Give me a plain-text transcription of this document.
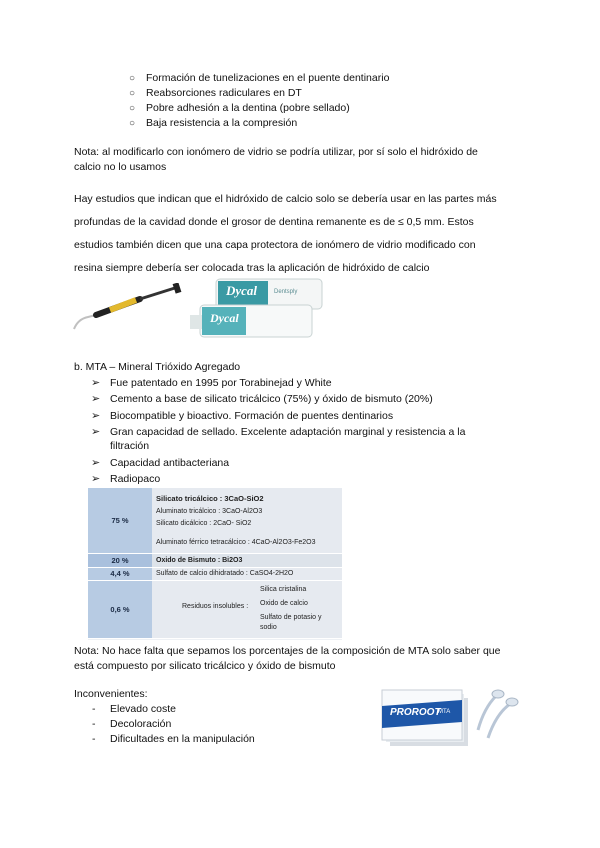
○ Formación de tunelizaciones en el puente dentinario
○ Reabsorciones radiculares en DT
○ Pobre adhesión a la dentina (pobre sellado)
○ Baja resistencia a la compresión
Nota: al modificarlo con ionómero de vidrio se podría utilizar, por sí solo el hidróxido de
calcio no lo usamos
Hay estudios que indican que el hidróxido de calcio solo se debería usar en las partes más
profundas de la cavidad donde el grosor de dentina remanente es de ≤ 0,5 mm. Estos
estudios también dicen que una capa protectora de ionómero de vidrio modificado con
resina siempre debería ser colocada tras la aplicación de hidróxido de calcio
Dycal
Dycal
Dentsply
b. MTA – Mineral Trióxido Agregado
➢ Fue patentado en 1995 por Torabinejad y White
➢ Cemento a base de silicato tricálcico (75%) y óxido de bismuto (20%)
➢ Biocompatible y bioactivo. Formación de puentes dentinarios
➢ Gran capacidad de sellado. Excelente adaptación marginal y resistencia a la
filtración
➢ Capacidad antibacteriana
➢ Radiopaco
75 %	Silicato tricálcico : 3CaO-SiO2
Aluminato tricálcico : 3CaO-Al2O3
Silicato dicálcico : 2CaO- SiO2
Aluminato férrico tetracálcico : 4CaO-Al2O3-Fe2O3

20 %	Oxido de Bismuto : Bi2O3
4,4 %	Sulfato de calcio dihidratado : CaSO4-2H2O
0,6 %	Residuos insolubles :
Silica cristalina
Oxido de calcio
Sulfato de potasio y
sodio
Nota: No hace falta que sepamos los porcentajes de la composición de MTA solo saber que
está compuesto por silicato tricálcico y óxido de bismuto
Inconvenientes:
- Elevado coste
- Decoloración
- Dificultades en la manipulación
PROROOT
MTA
